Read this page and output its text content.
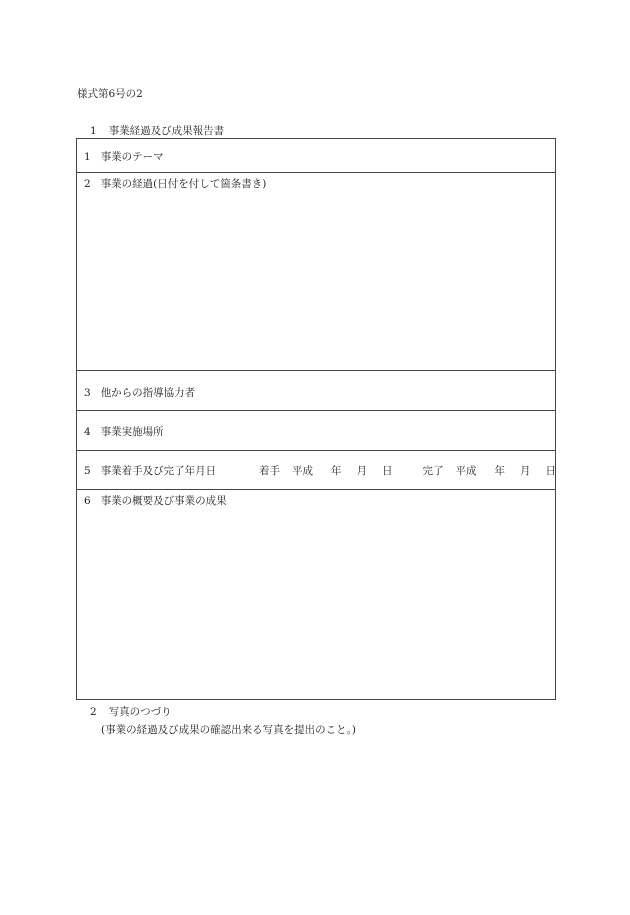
様式第6号の2
1 事業経過及び成果報告書
1 事業のテーマ
2 事業の経過(日付を付して箇条書き)
3 他からの指導協力者
4 事業実施場所
5 事業着手及び完了年月日	着手 平成 年 月 日	完了 平成 年 月 日
6 事業の概要及び事業の成果
2 写真のつづり
(事業の経過及び成果の確認出来る写真を提出のこと。)
